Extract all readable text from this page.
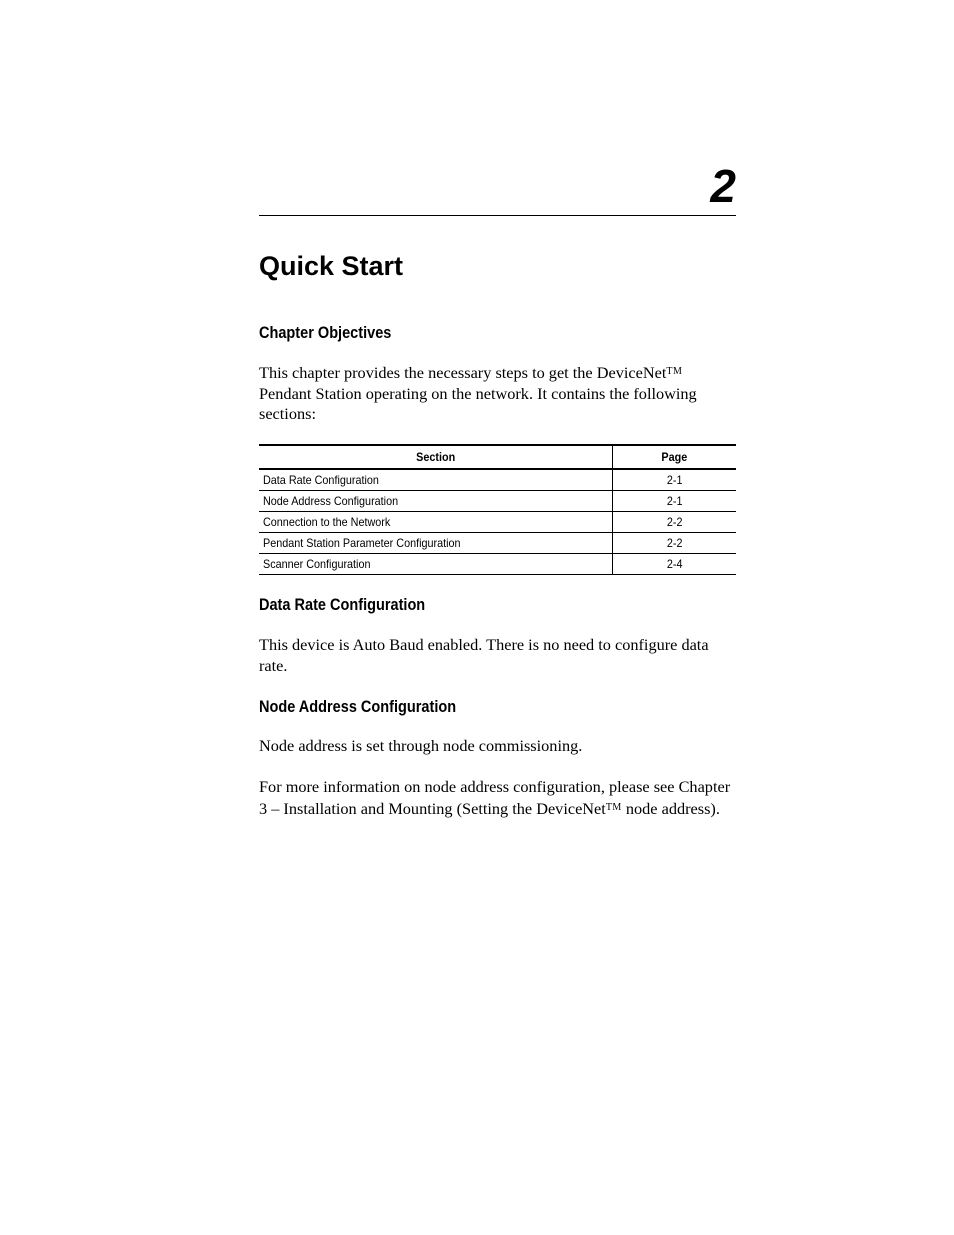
2
Quick Start
Chapter Objectives

This chapter provides the necessary steps to get the DeviceNet™ Pendant Station operating on the network. It contains the following sections:

Section	Page
Data Rate Configuration	2-1
Node Address Configuration	2-1
Connection to the Network	2-2
Pendant Station Parameter Configuration	2-2
Scanner Configuration	2-4
Data Rate Configuration

This device is Auto Baud enabled. There is no need to configure data rate.

Node Address Configuration

Node address is set through node commissioning.

For more information on node address configuration, please see Chapter 3 – Installation and Mounting (Setting the DeviceNet™ node address).
